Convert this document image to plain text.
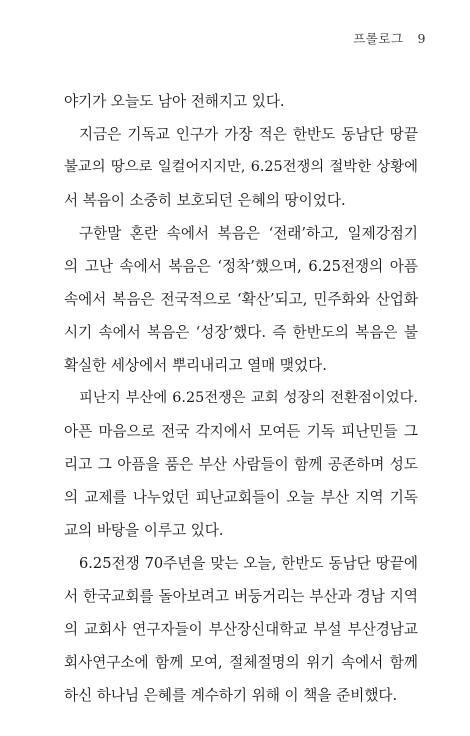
프롤로그 9
야기가 오늘도 남아 전해지고 있다.
지금은 기독교 인구가 가장 적은 한반도 동남단 땅끝
불교의 땅으로 일컬어지지만, 6.25전쟁의 절박한 상황에
서 복음이 소중히 보호되던 은혜의 땅이었다.
구한말 혼란 속에서 복음은 ‘전래’하고, 일제강점기
의 고난 속에서 복음은 ‘정착’했으며, 6.25전쟁의 아픔
속에서 복음은 전국적으로 ‘확산’되고, 민주화와 산업화
시기 속에서 복음은 ‘성장’했다. 즉 한반도의 복음은 불
확실한 세상에서 뿌리내리고 열매 맺었다.
피난지 부산에 6.25전쟁은 교회 성장의 전환점이었다.
아픈 마음으로 전국 각지에서 모여든 기독 피난민들 그
리고 그 아픔을 품은 부산 사람들이 함께 공존하며 성도
의 교제를 나누었던 피난교회들이 오늘 부산 지역 기독
교의 바탕을 이루고 있다.
6.25전쟁 70주년을 맞는 오늘, 한반도 동남단 땅끝에
서 한국교회를 돌아보려고 버둥거리는 부산과 경남 지역
의 교회사 연구자들이 부산장신대학교 부설 부산경남교
회사연구소에 함께 모여, 절체절명의 위기 속에서 함께
하신 하나님 은혜를 계수하기 위해 이 책을 준비했다.
